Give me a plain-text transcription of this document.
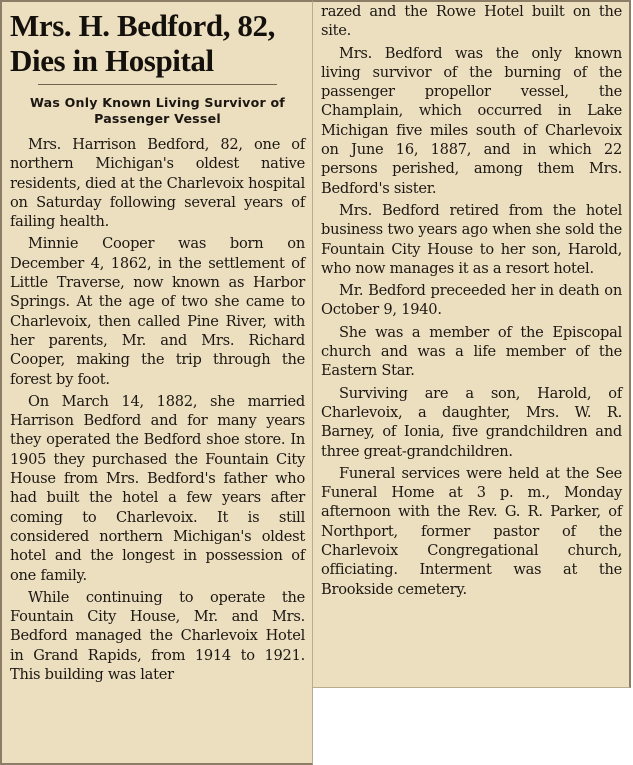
Mrs. H. Bedford, 82, Dies in Hospital
Was Only Known Living Survivor of Passenger Vessel

Mrs. Harrison Bedford, 82, one of northern Michigan's oldest native residents, died at the Charlevoix hospital on Saturday following several years of failing health.

Minnie Cooper was born on December 4, 1862, in the settlement of Little Traverse, now known as Harbor Springs. At the age of two she came to Charlevoix, then called Pine River, with her parents, Mr. and Mrs. Richard Cooper, making the trip through the forest by foot.

On March 14, 1882, she married Harrison Bedford and for many years they operated the Bedford shoe store. In 1905 they purchased the Fountain City House from Mrs. Bedford's father who had built the hotel a few years after coming to Charlevoix. It is still considered northern Michigan's oldest hotel and the longest in possession of one family.

While continuing to operate the Fountain City House, Mr. and Mrs. Bedford managed the Charlevoix Hotel in Grand Rapids, from 1914 to 1921. This building was later

razed and the Rowe Hotel built on the site.

Mrs. Bedford was the only known living survivor of the burning of the passenger propellor vessel, the Champlain, which occurred in Lake Michigan five miles south of Charlevoix on June 16, 1887, and in which 22 persons perished, among them Mrs. Bedford's sister.

Mrs. Bedford retired from the hotel business two years ago when she sold the Fountain City House to her son, Harold, who now manages it as a resort hotel.

Mr. Bedford preceeded her in death on October 9, 1940.

She was a member of the Episcopal church and was a life member of the Eastern Star.

Surviving are a son, Harold, of Charlevoix, a daughter, Mrs. W. R. Barney, of Ionia, five grandchildren and three great-grandchildren.

Funeral services were held at the See Funeral Home at 3 p. m., Monday afternoon with the Rev. G. R. Parker, of Northport, former pastor of the Charlevoix Congregational church, officiating. Interment was at the Brookside cemetery.
